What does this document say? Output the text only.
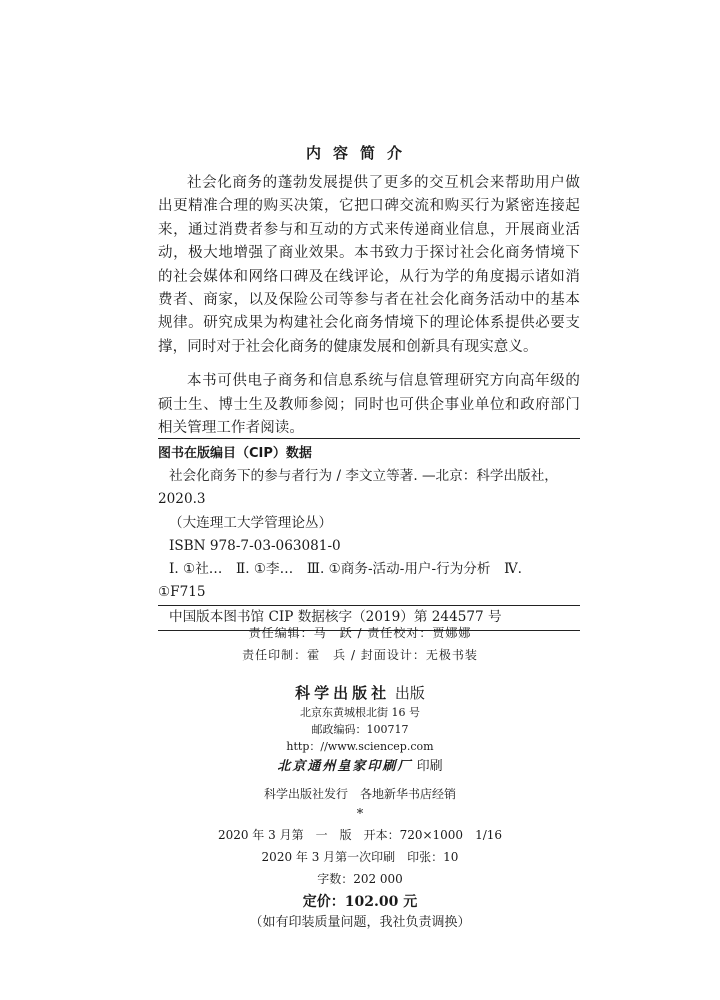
内容简介

社会化商务的蓬勃发展提供了更多的交互机会来帮助用户做出更精准合理的购买决策，它把口碑交流和购买行为紧密连接起来，通过消费者参与和互动的方式来传递商业信息，开展商业活动，极大地增强了商业效果。本书致力于探讨社会化商务情境下的社会媒体和网络口碑及在线评论，从行为学的角度揭示诸如消费者、商家，以及保险公司等参与者在社会化商务活动中的基本规律。研究成果为构建社会化商务情境下的理论体系提供必要支撑，同时对于社会化商务的健康发展和创新具有现实意义。

本书可供电子商务和信息系统与信息管理研究方向高年级的硕士生、博士生及教师参阅；同时也可供企事业单位和政府部门相关管理工作者阅读。

图书在版编目（CIP）数据
社会化商务下的参与者行为 / 李文立等著. —北京：科学出版社，
2020.3
（大连理工大学管理论丛）
ISBN 978-7-03-063081-0
Ⅰ. ①社…　Ⅱ. ①李…　Ⅲ. ①商务-活动-用户-行为分析　Ⅳ.
①F715
中国版本图书馆 CIP 数据核字（2019）第 244577 号
责任编辑：马　跃 / 责任校对：贾娜娜
责任印制：霍　兵 / 封面设计：无极书装
科学出版社 出版
北京东黄城根北街 16 号
邮政编码：100717
http：//www.sciencep.com
北京通州皇家印刷厂 印刷
科学出版社发行　各地新华书店经销
*
2020 年 3 月第　一　版　开本：720×1000　1/16
2020 年 3 月第一次印刷　印张：10
字数：202 000
定价：102.00 元
（如有印装质量问题，我社负责调换）
